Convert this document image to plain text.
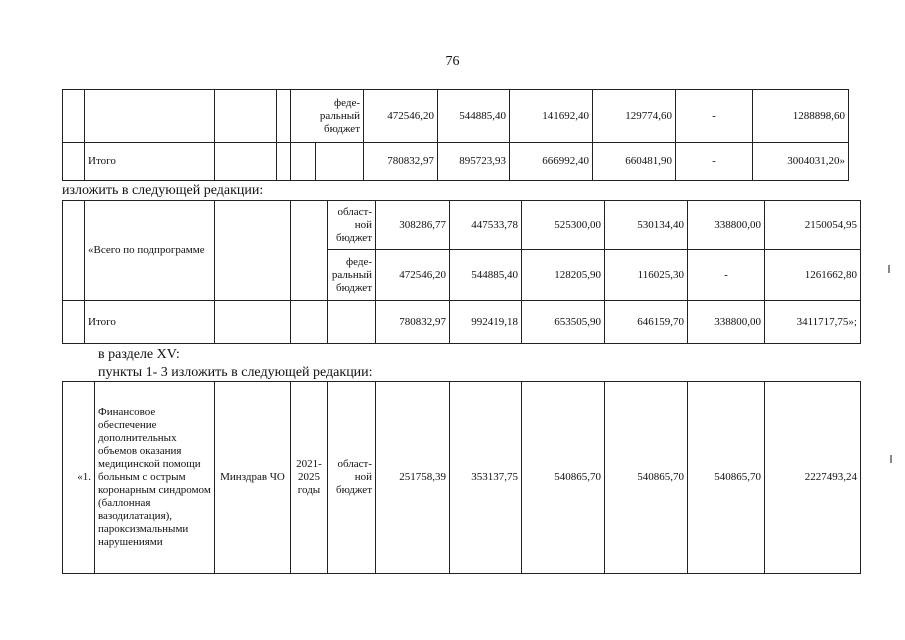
76
				феде-
ральный
бюджет		472546,20	544885,40	141692,40	129774,60	-	1288898,60
	Итого					780832,97	895723,93	666992,40	660481,90	-	3004031,20»
изложить в следующей редакции:
	«Всего по подпрограмме			област-
ной
бюджет	308286,77	447533,78	525300,00	530134,40	338800,00	2150054,95
				феде-
ральный
бюджет	472546,20	544885,40	128205,90	116025,30	-	1261662,80
	Итого				780832,97	992419,18	653505,90	646159,70	338800,00	3411717,75»;
в разделе XV:
пункты 1- 3 изложить в следующей редакции:
«1.	Финансовое обеспечение дополнительных объемов оказания медицинской помощи больным с острым коронарным синдромом (баллонная вазодилатация), пароксизмальными нарушениями	Минздрав ЧО	2021-
2025
годы	област-
ной
бюджет	251758,39	353137,75	540865,70	540865,70	540865,70	2227493,24
